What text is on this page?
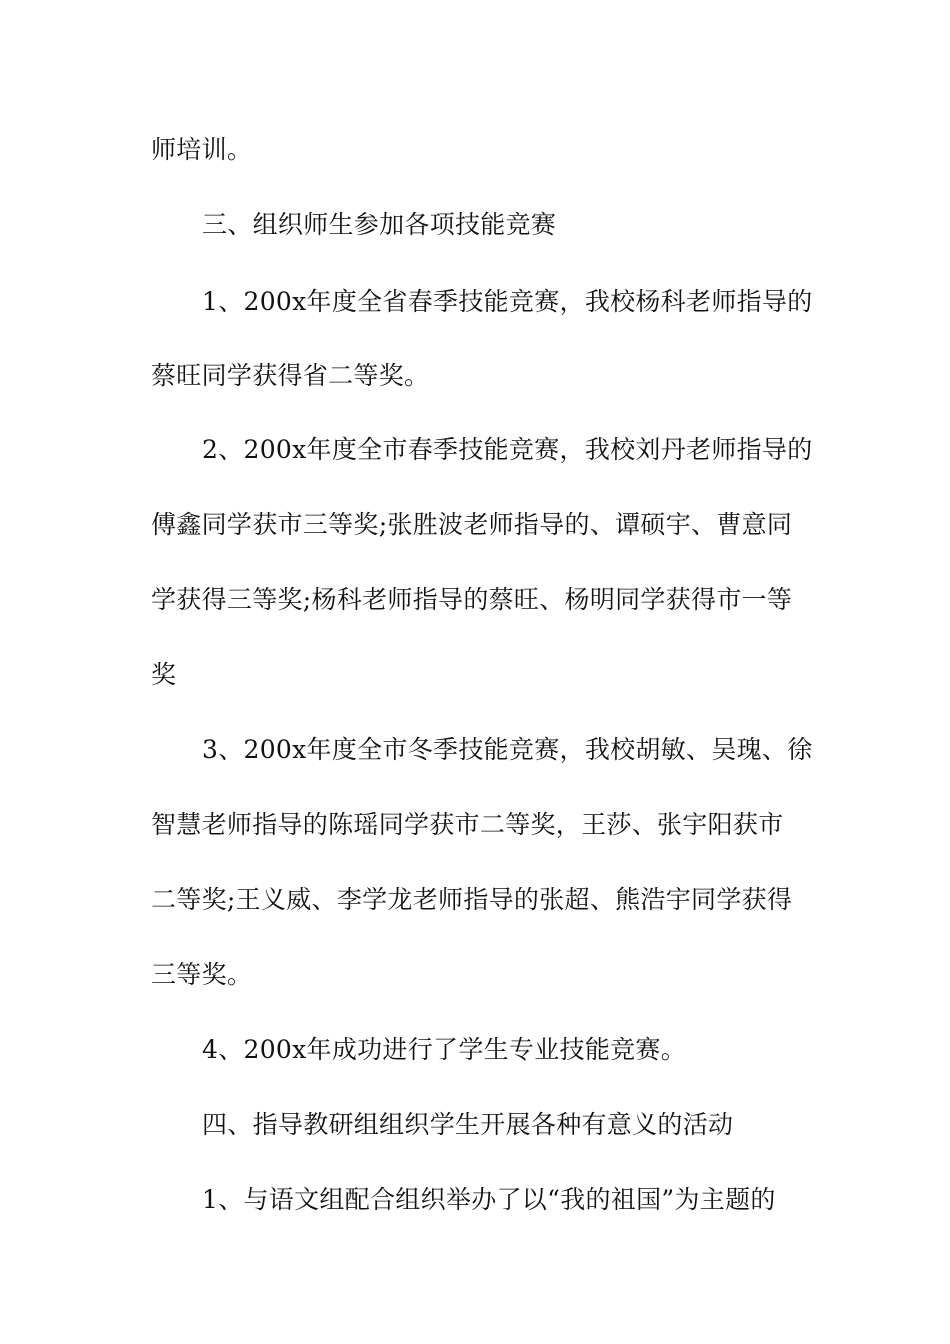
师培训。
三、组织师生参加各项技能竞赛
1、200x年度全省春季技能竞赛，我校杨科老师指导的
蔡旺同学获得省二等奖。
2、200x年度全市春季技能竞赛，我校刘丹老师指导的
傅鑫同学获市三等奖;张胜波老师指导的、谭硕宇、曹意同
学获得三等奖;杨科老师指导的蔡旺、杨明同学获得市一等
奖
3、200x年度全市冬季技能竞赛，我校胡敏、吴瑰、徐
智慧老师指导的陈瑶同学获市二等奖，王莎、张宇阳获市
二等奖;王义威、李学龙老师指导的张超、熊浩宇同学获得
三等奖。
4、200x年成功进行了学生专业技能竞赛。
四、指导教研组组织学生开展各种有意义的活动
1、与语文组配合组织举办了以“我的祖国”为主题的
